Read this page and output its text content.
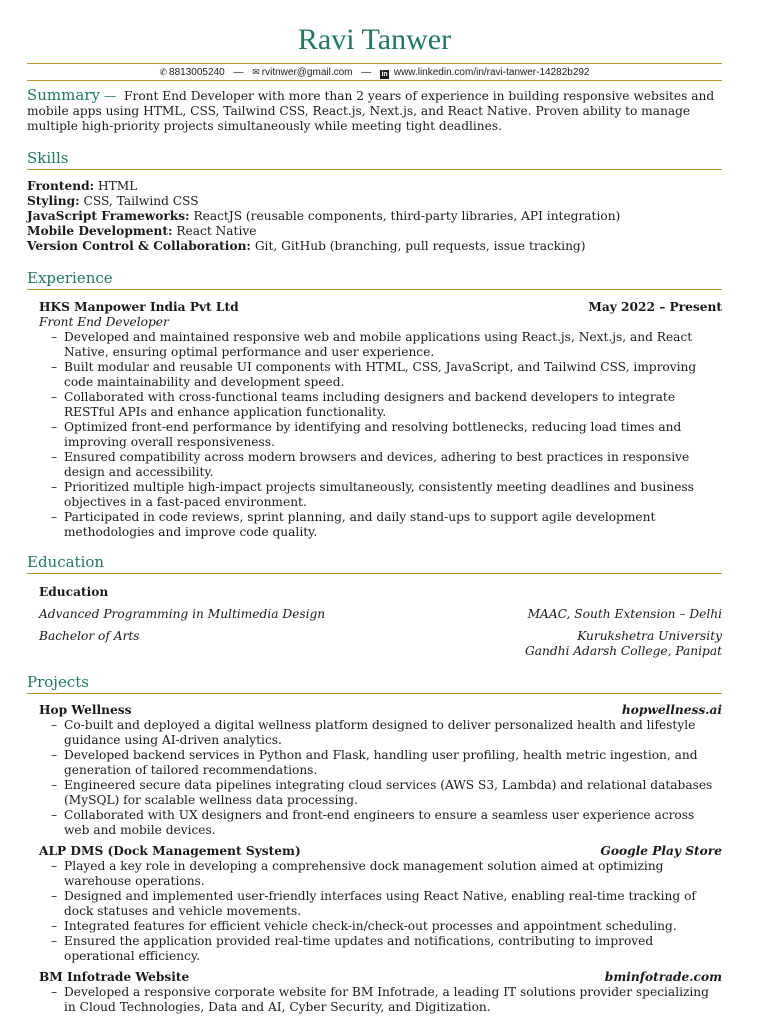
Ravi Tanwer
✆ 8813005240 — ✉ rvitnwer@gmail.com — in www.linkedin.com/in/ravi-tanwer-14282b292
Summary — Front End Developer with more than 2 years of experience in building responsive websites and mobile apps using HTML, CSS, Tailwind CSS, React.js, Next.js, and React Native. Proven ability to manage multiple high-priority projects simultaneously while meeting tight deadlines.
Skills
Frontend: HTML
Styling: CSS, Tailwind CSS
JavaScript Frameworks: ReactJS (reusable components, third-party libraries, API integration)
Mobile Development: React Native
Version Control & Collaboration: Git, GitHub (branching, pull requests, issue tracking)
Experience
HKS Manpower India Pvt Ltd	May 2022 – Present
Front End Developer
– Developed and maintained responsive web and mobile applications using React.js, Next.js, and React Native, ensuring optimal performance and user experience.
– Built modular and reusable UI components with HTML, CSS, JavaScript, and Tailwind CSS, improving code maintainability and development speed.
– Collaborated with cross-functional teams including designers and backend developers to integrate RESTful APIs and enhance application functionality.
– Optimized front-end performance by identifying and resolving bottlenecks, reducing load times and improving overall responsiveness.
– Ensured compatibility across modern browsers and devices, adhering to best practices in responsive design and accessibility.
– Prioritized multiple high-impact projects simultaneously, consistently meeting deadlines and business objectives in a fast-paced environment.
– Participated in code reviews, sprint planning, and daily stand-ups to support agile development methodologies and improve code quality.
Education
Education
Advanced Programming in Multimedia Design	MAAC, South Extension – Delhi
Bachelor of Arts	Kurukshetra University
Gandhi Adarsh College, Panipat
Projects
Hop Wellness	hopwellness.ai
– Co-built and deployed a digital wellness platform designed to deliver personalized health and lifestyle guidance using AI-driven analytics.
– Developed backend services in Python and Flask, handling user profiling, health metric ingestion, and generation of tailored recommendations.
– Engineered secure data pipelines integrating cloud services (AWS S3, Lambda) and relational databases (MySQL) for scalable wellness data processing.
– Collaborated with UX designers and front-end engineers to ensure a seamless user experience across web and mobile devices.
ALP DMS (Dock Management System)	Google Play Store
– Played a key role in developing a comprehensive dock management solution aimed at optimizing warehouse operations.
– Designed and implemented user-friendly interfaces using React Native, enabling real-time tracking of dock statuses and vehicle movements.
– Integrated features for efficient vehicle check-in/check-out processes and appointment scheduling.
– Ensured the application provided real-time updates and notifications, contributing to improved operational efficiency.
BM Infotrade Website	bminfotrade.com
– Developed a responsive corporate website for BM Infotrade, a leading IT solutions provider specializing in Cloud Technologies, Data and AI, Cyber Security, and Digitization.
